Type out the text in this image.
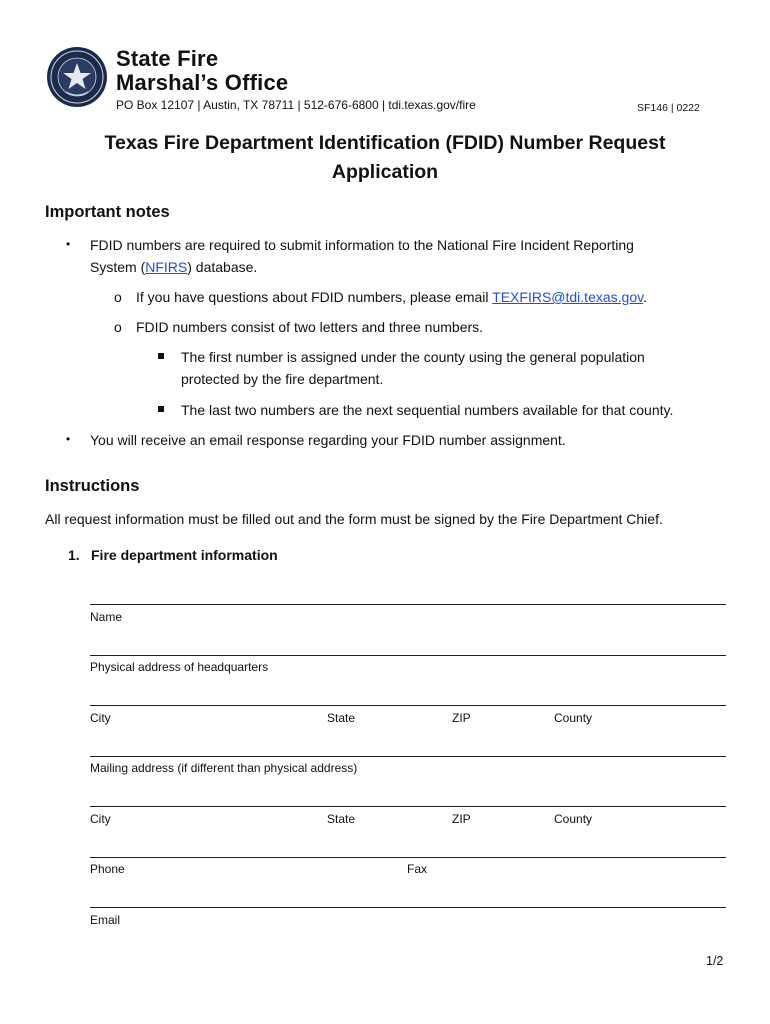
State Fire
Marshal’s Office
PO Box 12107 | Austin, TX 78711 | 512-676-6800 | tdi.texas.gov/fire	SF146 | 0222
Texas Fire Department Identification (FDID) Number Request
Application
Important notes
• FDID numbers are required to submit information to the National Fire Incident Reporting
System (NFIRS) database.
o If you have questions about FDID numbers, please email TEXFIRS@tdi.texas.gov.
o FDID numbers consist of two letters and three numbers.
The first number is assigned under the county using the general population
protected by the fire department.
The last two numbers are the next sequential numbers available for that county.
• You will receive an email response regarding your FDID number assignment.
Instructions
All request information must be filled out and the form must be signed by the Fire Department Chief.
1. Fire department information
Name
Physical address of headquarters
City	State	ZIP	County
Mailing address (if different than physical address)
City	State	ZIP	County
Phone	Fax
Email
1/2
